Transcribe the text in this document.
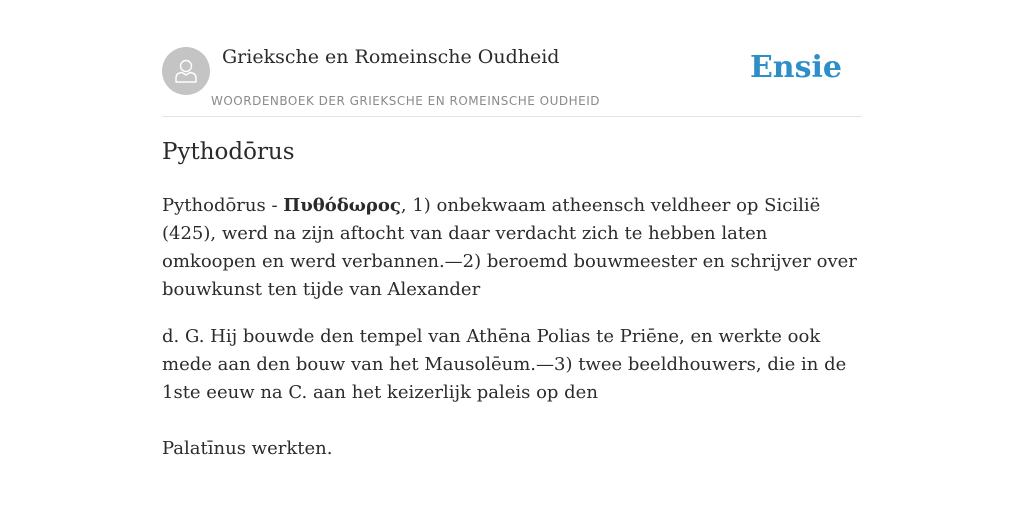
Grieksche en Romeinsche Oudheid
WOORDENBOEK DER GRIEKSCHE EN ROMEINSCHE OUDHEID
Ensie
Pythodōrus

Pythodōrus - Πυθόδωρος, 1) onbekwaam atheensch veldheer op Sicilië (425), werd na zijn aftocht van daar verdacht zich te hebben laten omkoopen en werd verbannen.—2) beroemd bouwmeester en schrijver over bouwkunst ten tijde van Alexander

d. G. Hij bouwde den tempel van Athēna Polias te Priēne, en werkte ook mede aan den bouw van het Mausolēum.—3) twee beeldhouwers, die in de
1ste eeuw na C. aan het keizerlijk paleis op den

Palatīnus werkten.
